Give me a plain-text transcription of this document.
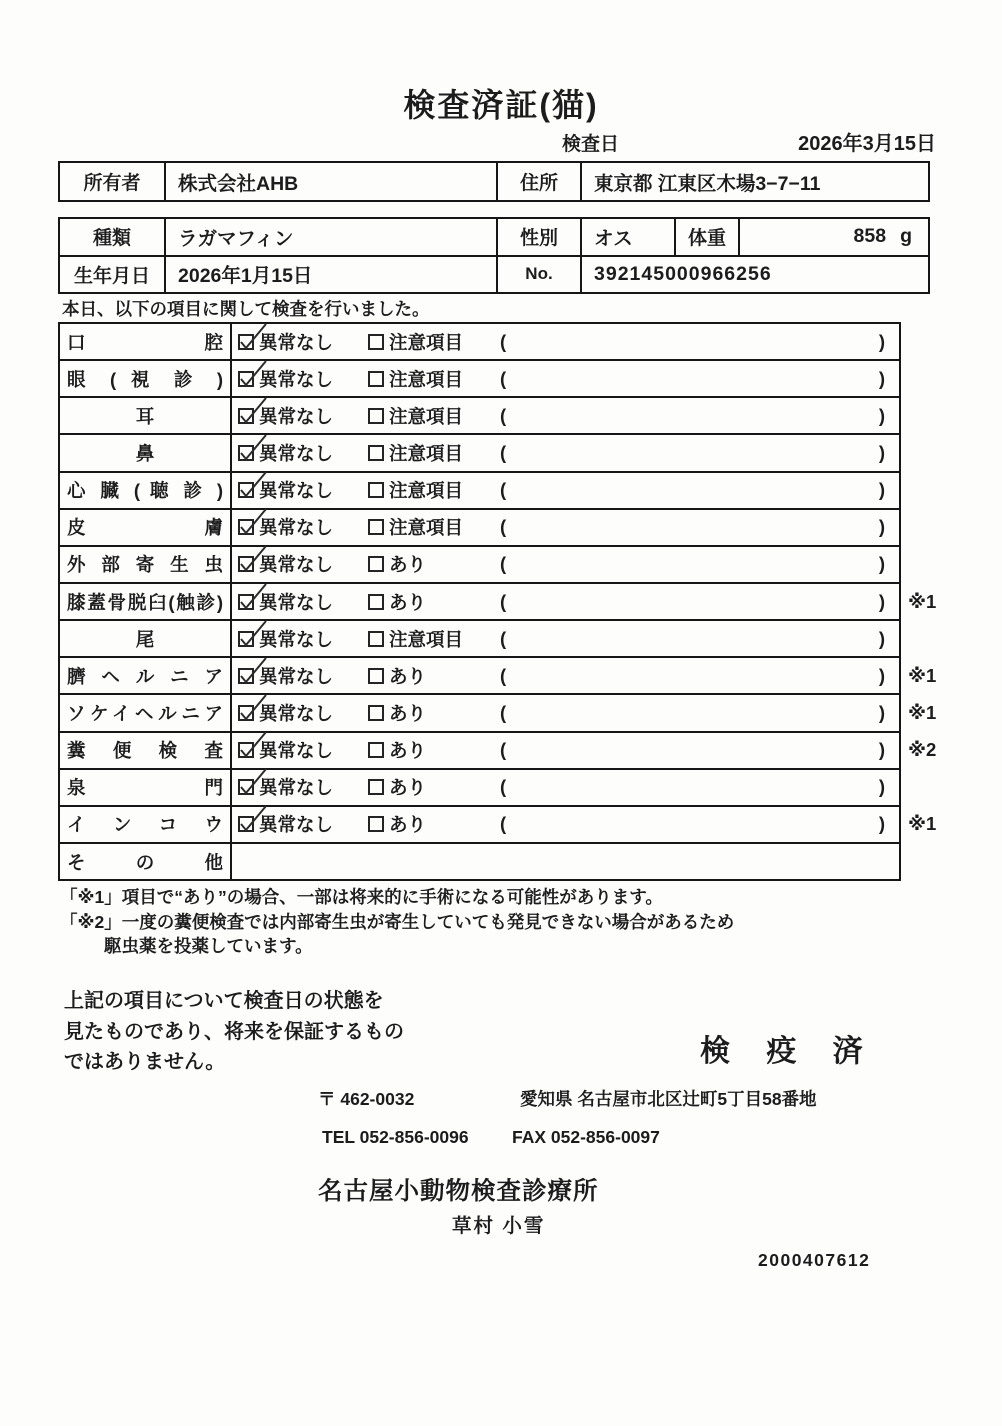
検査済証(猫)
検査日	2026年3月15日
所有者	株式会社AHB	住所	東京都 江東区木場3−7−11
種類	ラガマフィン	性別	オス	体重	858 g
生年月日	2026年1月15日	No.	392145000966256
本日、以下の項目に関して検査を行いました。
口 腔 異常なし	注意項目 (	)
眼 ( 視 診 ) 異常なし	注意項目 (	)
耳	異常なし	注意項目 (	)
鼻	異常なし	注意項目 (	)
心 臓 ( 聴 診 ) 異常なし	注意項目 (	)
皮 膚 異常なし	注意項目 (	)
外 部 寄 生 虫 異常なし	あり	(	)
膝蓋骨脱臼(触診) 異常なし	あり	(	) ※1
尾	異常なし	注意項目 (	)
臍 ヘ ル ニ ア 異常なし	あり	(	) ※1
ソケイヘルニア 異常なし	あり	(	) ※1
糞 便 検 査 異常なし	あり	(	) ※2
泉 門 異常なし	あり	(	)
イ ン コ ウ 異常なし	あり	(	) ※1
そ の 他
「※1」項目で“あり”の場合、一部は将来的に手術になる可能性があります。
「※2」一度の糞便検査では内部寄生虫が寄生していても発見できない場合があるため
駆虫薬を投薬しています。
上記の項目について検査日の状態を
見たものであり、将来を保証するもの
ではありません。	検 疫 済
〒 462-0032	愛知県 名古屋市北区辻町5丁目58番地
TEL 052-856-0096 FAX 052-856-0097
名古屋小動物検査診療所
草村 小雪
2000407612
